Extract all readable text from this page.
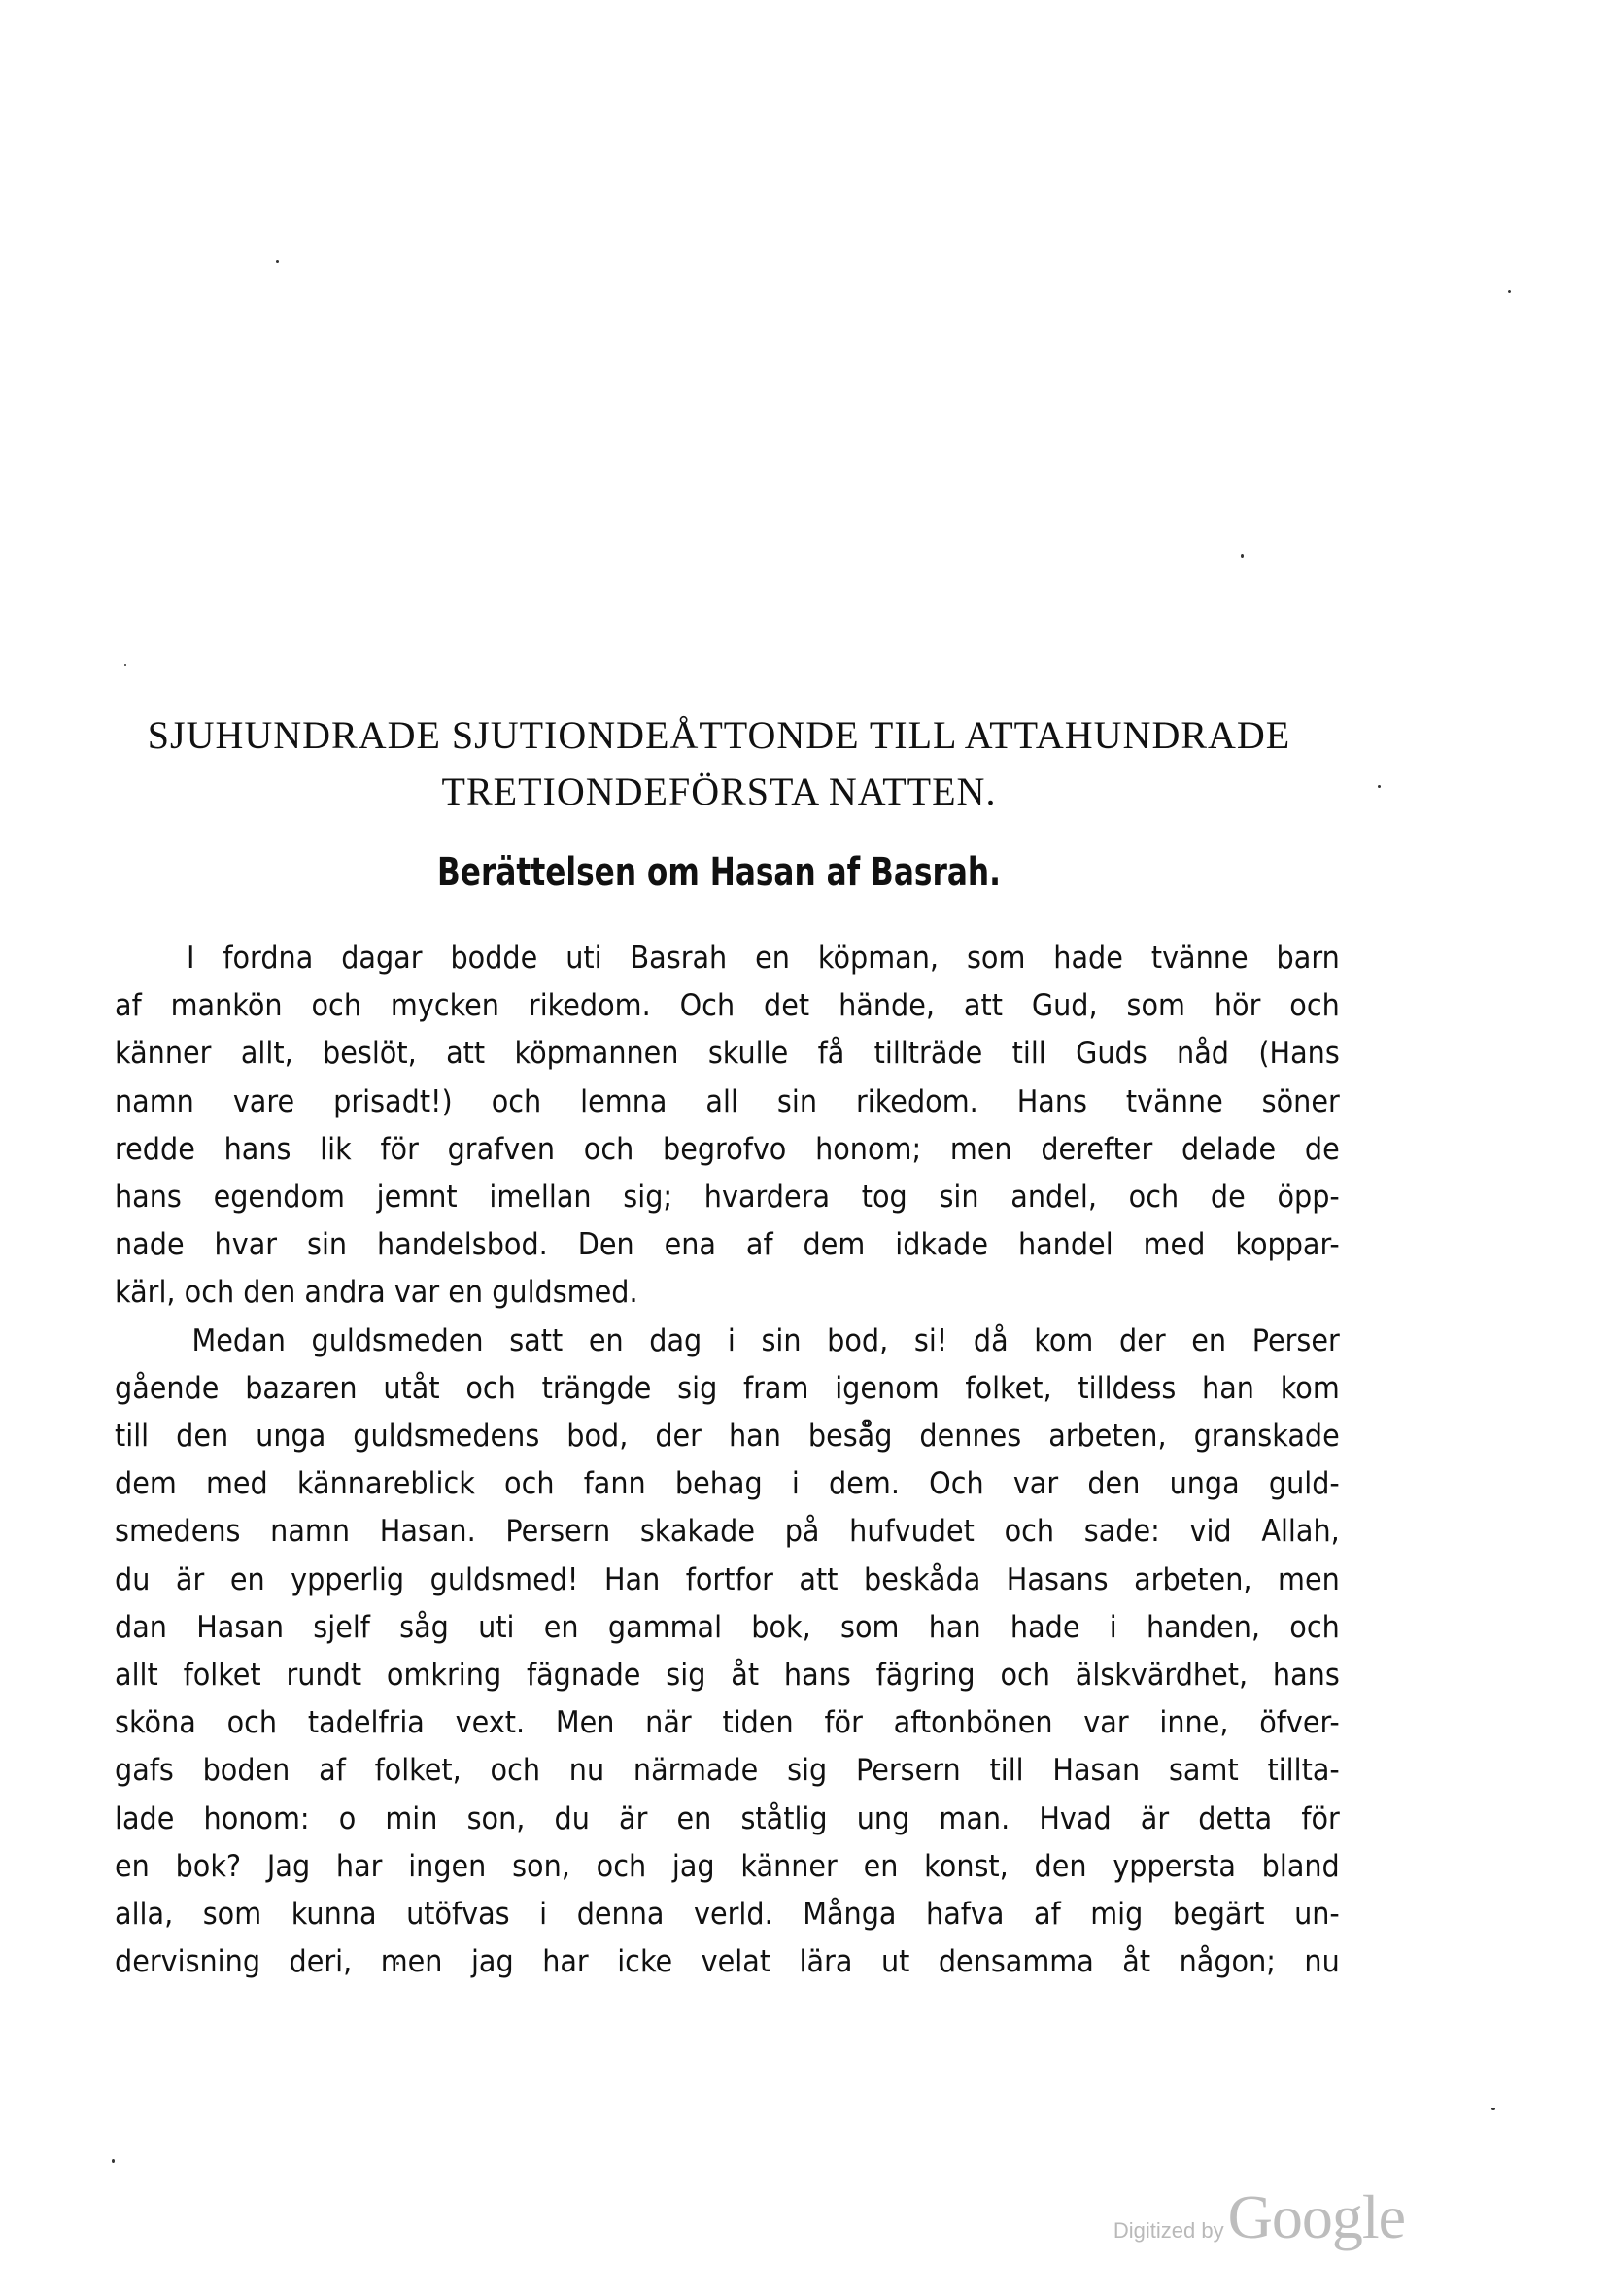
SJUHUNDRADE SJUTIONDEÅTTONDE TILL ATTAHUNDRADE
TRETIONDEFÖRSTA NATTEN.
Berättelsen om Hasan af Basrah.
I fordna dagar bodde uti Basrah en köpman, som hade tvänne barn
af mankön och mycken rikedom. Och det hände, att Gud, som hör och
känner allt, beslöt, att köpmannen skulle få tillträde till Guds nåd (Hans
namn vare prisadt!) och lemna all sin rikedom. Hans tvänne söner
redde hans lik för grafven och begrofvo honom; men derefter delade de
hans egendom jemnt imellan sig; hvardera tog sin andel, och de öpp-
nade hvar sin handelsbod. Den ena af dem idkade handel med koppar-
kärl, och den andra var en guldsmed.
Medan guldsmeden satt en dag i sin bod, si! då kom der en Perser
gående bazaren utåt och trängde sig fram igenom folket, tilldess han kom
till den unga guldsmedens bod, der han beså̊g dennes arbeten, granskade
dem med kännareblick och fann behag i dem. Och var den unga guld-
smedens namn Hasan. Persern skakade på hufvudet och sade: vid Allah,
du är en ypperlig guldsmed! Han fortfor att beskåda Hasans arbeten, men
dan Hasan sjelf såg uti en gammal bok, som han hade i handen, och
allt folket rundt omkring fägnade sig åt hans fägring och älskvärdhet, hans
sköna och tadelfria vext. Men när tiden för aftonbönen var inne, öfver-
gafs boden af folket, och nu närmade sig Persern till Hasan samt tillta-
lade honom: o min son, du är en ståtlig ung man. Hvad är detta för
en bok? Jag har ingen son, och jag känner en konst, den yppersta bland
alla, som kunna utöfvas i denna verld. Många hafva af mig begärt un-
dervisning deri, men jag har icke velat lära ut densamma åt någon; nu
Digitized by Google
